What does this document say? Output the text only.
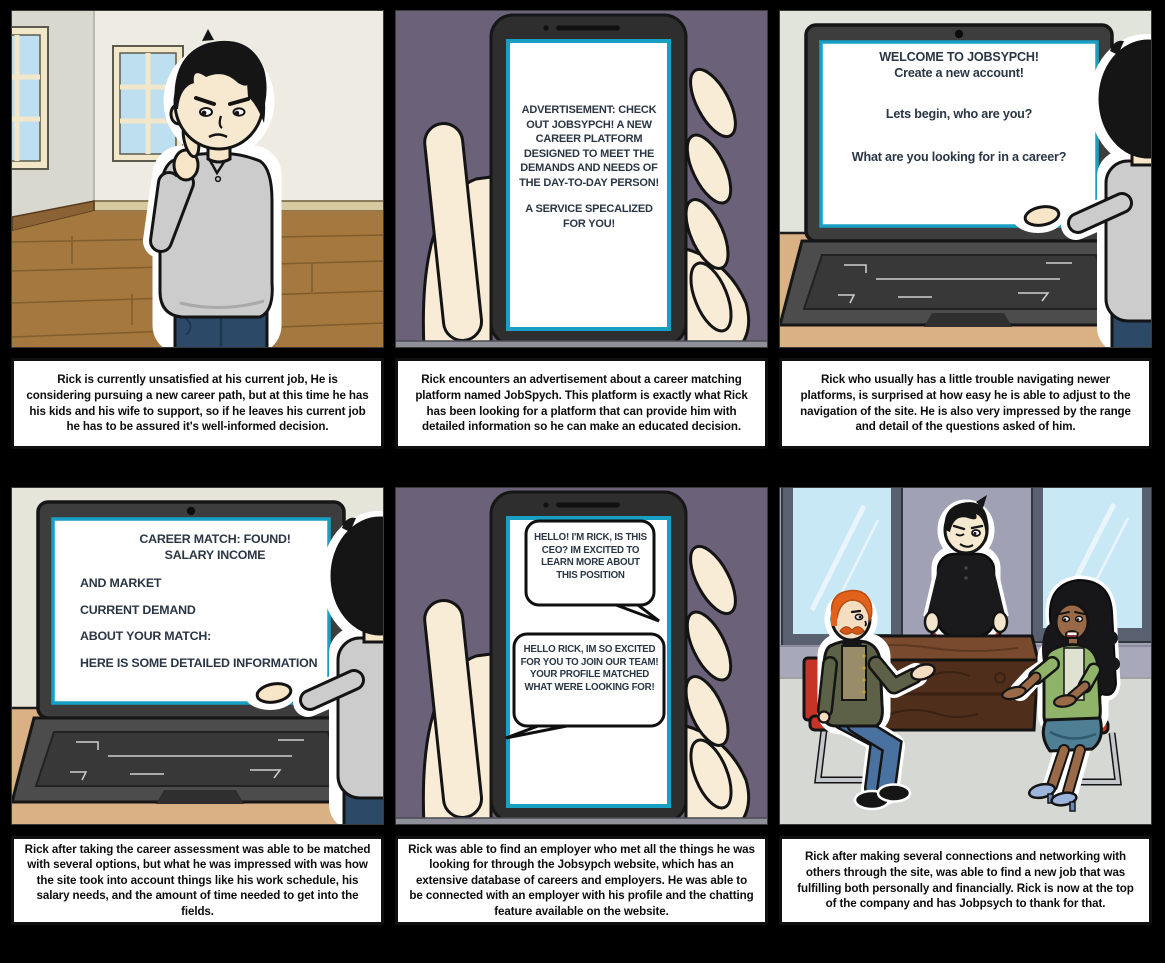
ADVERTISEMENT: CHECK OUT JOBSYPCH! A NEW CAREER PLATFORM DESIGNED TO MEET THE DEMANDS AND NEEDS OF THE DAY-TO-DAY PERSON!
A SERVICE SPECALIZED FOR YOU!
WELCOME TO JOBSYPCH!
Create a new account!
Lets begin, who are you?
What are you looking for in a career?
CAREER MATCH: FOUND!
SALARY INCOME
AND MARKET
CURRENT DEMAND
ABOUT YOUR MATCH:
HERE IS SOME DETAILED INFORMATION
HELLO! I'M RICK, IS THIS CEO? IM EXCITED TO LEARN MORE ABOUT THIS POSITION
HELLO RICK, IM SO EXCITED FOR YOU TO JOIN OUR TEAM! YOUR PROFILE MATCHED WHAT WERE LOOKING FOR!

Rick is currently unsatisfied at his current job, He is considering pursuing a new career path, but at this time he has his kids and his wife to support, so if he leaves his current job he has to be assured it's well-informed decision.

Rick encounters an advertisement about a career matching platform named JobSpych. This platform is exactly what Rick has been looking for a platform that can provide him with detailed information so he can make an educated decision.

Rick who usually has a little trouble navigating newer platforms, is surprised at how easy he is able to adjust to the navigation of the site. He is also very impressed by the range and detail of the questions asked of him.

Rick after taking the career assessment was able to be matched with several options, but what he was impressed with was how the site took into account things like his work schedule, his salary needs, and the amount of time needed to get into the fields.

Rick was able to find an employer who met all the things he was looking for through the Jobsypch website, which has an extensive database of careers and employers. He was able to be connected with an employer with his profile and the chatting feature available on the website.

Rick after making several connections and networking with others through the site, was able to find a new job that was fulfilling both personally and financially. Rick is now at the top of the company and has Jobpsych to thank for that.
